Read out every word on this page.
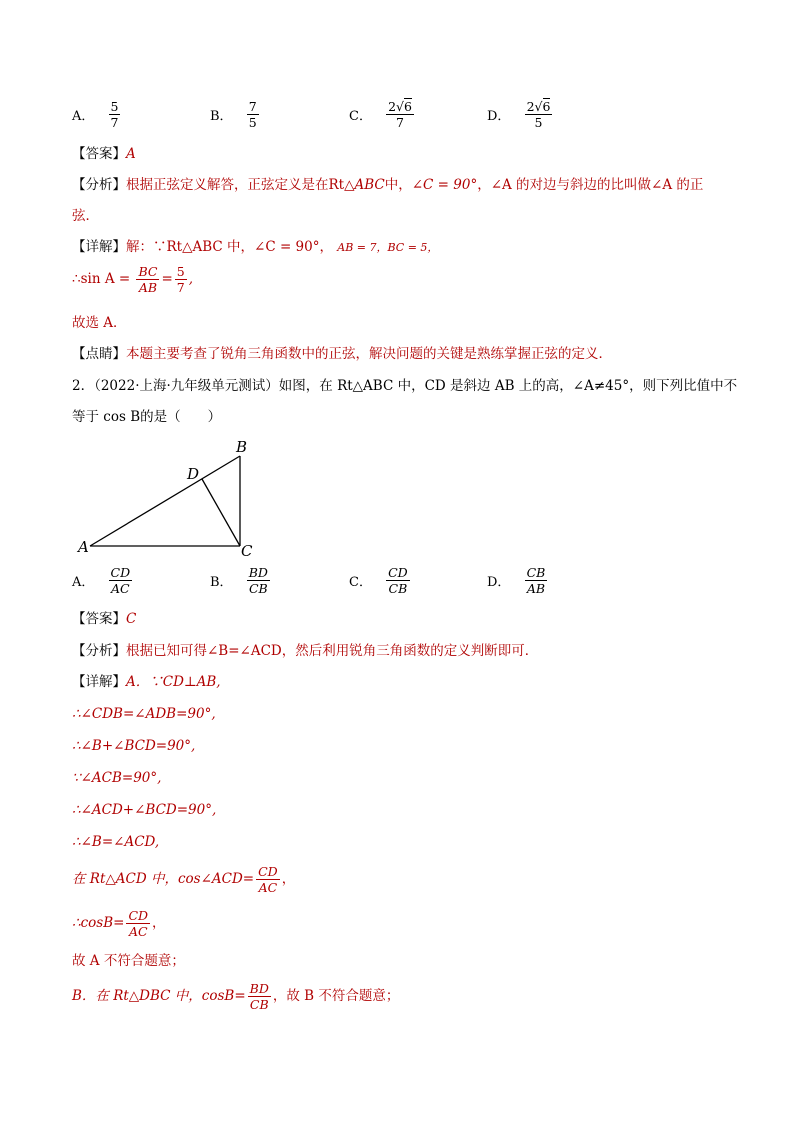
A． $\frac{5}{7}$	B． $\frac{7}{5}$	C． $\frac{2√6}{7}$	D． $\frac{2√6}{5}$
【答案】A
【分析】根据正弦定义解答，正弦定义是在Rt△ABC中，∠C = 90°，∠A 的对边与斜边的比叫做∠A 的正
弦．
【详解】解：∵Rt△ABC 中，∠C = 90°， AB = 7，BC = 5，
∴sin $A = \frac{BC}{AB} = \frac{5}{7}$ ,
故选 A．
【点睛】本题主要考查了锐角三角函数中的正弦，解决问题的关键是熟练掌握正弦的定义．
2．（2022·上海·九年级单元测试）如图，在 Rt△ABC 中，CD 是斜边 AB 上的高，∠A≠45°，则下列比值中不
等于 cos B的是（　　）
A
B
C
D
A． $\frac{CD}{AC}$	B． $\frac{BD}{CB}$	C． $\frac{CD}{CB}$	D． $\frac{CB}{AB}$
【答案】C
【分析】根据已知可得∠B=∠ACD，然后利用锐角三角函数的定义判断即可．
【详解】A．∵CD⊥AB,
∴∠CDB=∠ADB=90°,
∴∠B+∠BCD=90°,
∵∠ACB=90°,
∴∠ACD+∠BCD=90°,
∴∠B=∠ACD,
在 Rt△ACD 中，cos∠ACD= $\frac{CD}{AC}$ ，
∴cosB= $\frac{CD}{AC}$ ，
故 A 不符合题意；
B．在 Rt△DBC 中，$\cos B= \frac{BD}{CB}$ ，故 B 不符合题意；
